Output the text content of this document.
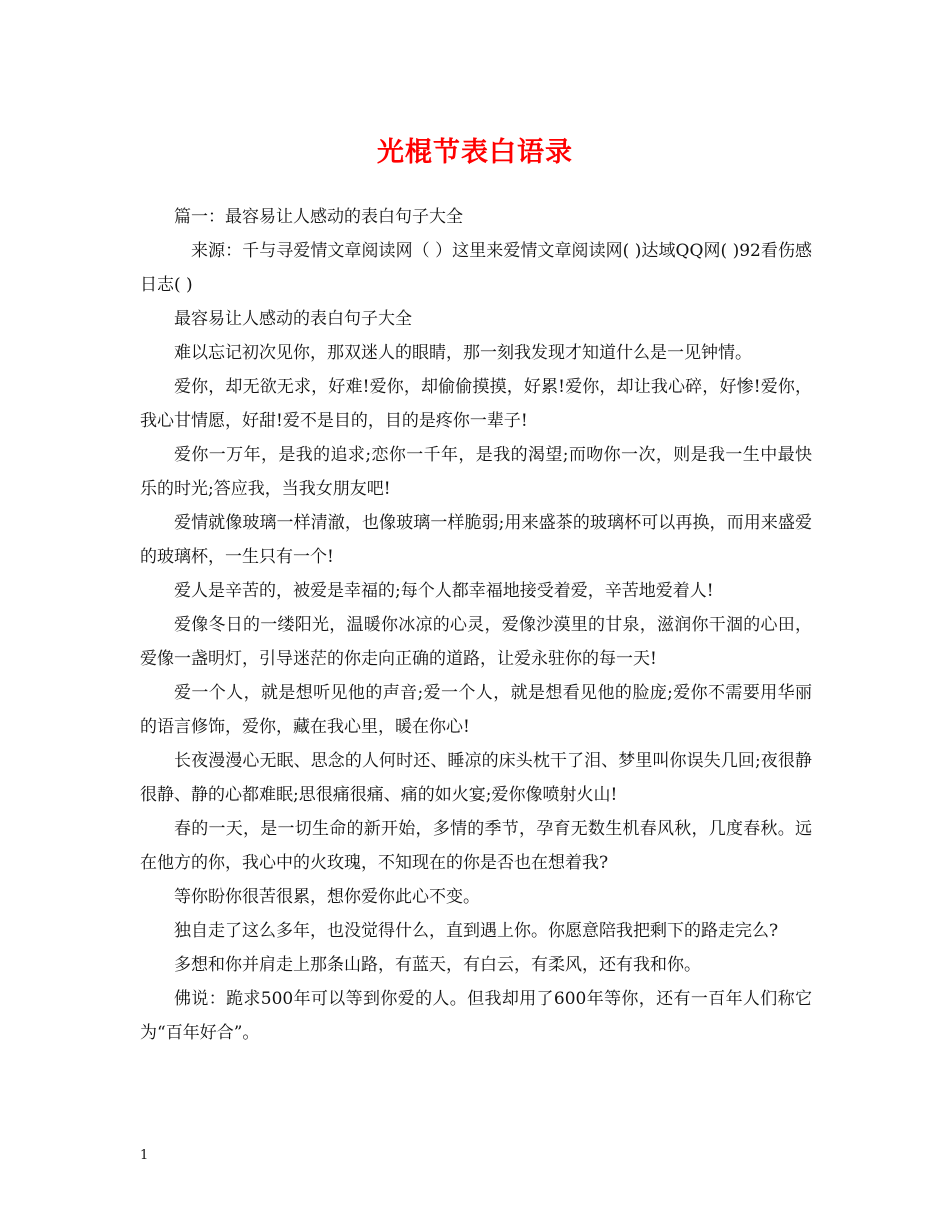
光棍节表白语录

篇一：最容易让人感动的表白句子大全

来源：千与寻爱情文章阅读网（ ）这里来爱情文章阅读网( )达域QQ网( )92看伤感日志( )

最容易让人感动的表白句子大全

难以忘记初次见你，那双迷人的眼睛，那一刻我发现才知道什么是一见钟情。

爱你，却无欲无求，好难!爱你，却偷偷摸摸，好累!爱你，却让我心碎，好惨!爱你，我心甘情愿，好甜!爱不是目的，目的是疼你一辈子!

爱你一万年，是我的追求;恋你一千年，是我的渴望;而吻你一次，则是我一生中最快乐的时光;答应我，当我女朋友吧!

爱情就像玻璃一样清澈，也像玻璃一样脆弱;用来盛茶的玻璃杯可以再换，而用来盛爱的玻璃杯，一生只有一个!

爱人是辛苦的，被爱是幸福的;每个人都幸福地接受着爱，辛苦地爱着人!

爱像冬日的一缕阳光，温暖你冰凉的心灵，爱像沙漠里的甘泉，滋润你干涸的心田，爱像一盏明灯，引导迷茫的你走向正确的道路，让爱永驻你的每一天!

爱一个人，就是想听见他的声音;爱一个人，就是想看见他的脸庞;爱你不需要用华丽的语言修饰，爱你，藏在我心里，暖在你心!

长夜漫漫心无眠、思念的人何时还、睡凉的床头枕干了泪、梦里叫你误失几回;夜很静很静、静的心都难眠;思很痛很痛、痛的如火宴;爱你像喷射火山!

春的一天，是一切生命的新开始，多情的季节，孕育无数生机春风秋，几度春秋。远在他方的你，我心中的火玫瑰，不知现在的你是否也在想着我?

等你盼你很苦很累，想你爱你此心不变。

独自走了这么多年，也没觉得什么，直到遇上你。你愿意陪我把剩下的路走完么?

多想和你并肩走上那条山路，有蓝天，有白云，有柔风，还有我和你。

佛说：跪求500年可以等到你爱的人。但我却用了600年等你，还有一百年人们称它为“百年好合”。

1
